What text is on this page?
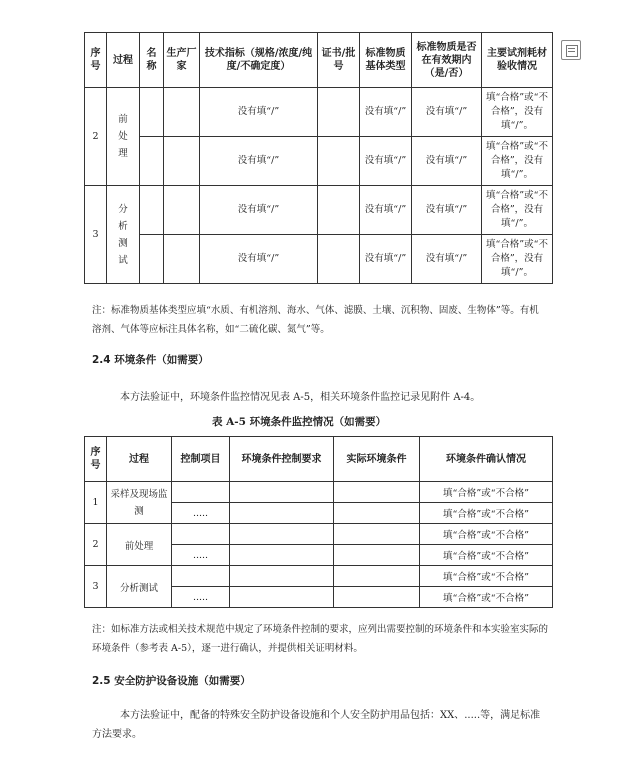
序号	过程	名称	生产厂家	技术指标（规格/浓度/纯度/不确定度）	证书/批号	标准物质基体类型	标准物质是否在有效期内（是/否）	主要试剂耗材验收情况
2	前处理			没有填“/”		没有填“/”	没有填“/”	填“合格”或“不合格”，没有填“/”。
				没有填“/”		没有填“/”	没有填“/”	填“合格”或“不合格”，没有填“/”。
3	分析测试			没有填“/”		没有填“/”	没有填“/”	填“合格”或“不合格”，没有填“/”。
				没有填“/”		没有填“/”	没有填“/”	填“合格”或“不合格”，没有填“/”。

注：标准物质基体类型应填“水质、有机溶剂、海水、气体、滤膜、土壤、沉积物、固废、生物体”等。有机溶剂、气体等应标注具体名称，如“二硫化碳、氮气”等。

2.4 环境条件（如需要）

本方法验证中，环境条件监控情况见表 A-5，相关环境条件监控记录见附件 A-4。

表 A-5 环境条件监控情况（如需要）

序号	过程	控制项目	环境条件控制要求	实际环境条件	环境条件确认情况
1	采样及现场监测				填“合格”或“不合格”
		.....			填“合格”或“不合格”
2	前处理				填“合格”或“不合格”
		.....			填“合格”或“不合格”
3	分析测试				填“合格”或“不合格”
		.....			填“合格”或“不合格”

注：如标准方法或相关技术规范中规定了环境条件控制的要求，应列出需要控制的环境条件和本实验室实际的环境条件（参考表 A-5），逐一进行确认，并提供相关证明材料。

2.5 安全防护设备设施（如需要）

本方法验证中，配备的特殊安全防护设备设施和个人安全防护用品包括：XX、.....等，满足标准方法要求。
